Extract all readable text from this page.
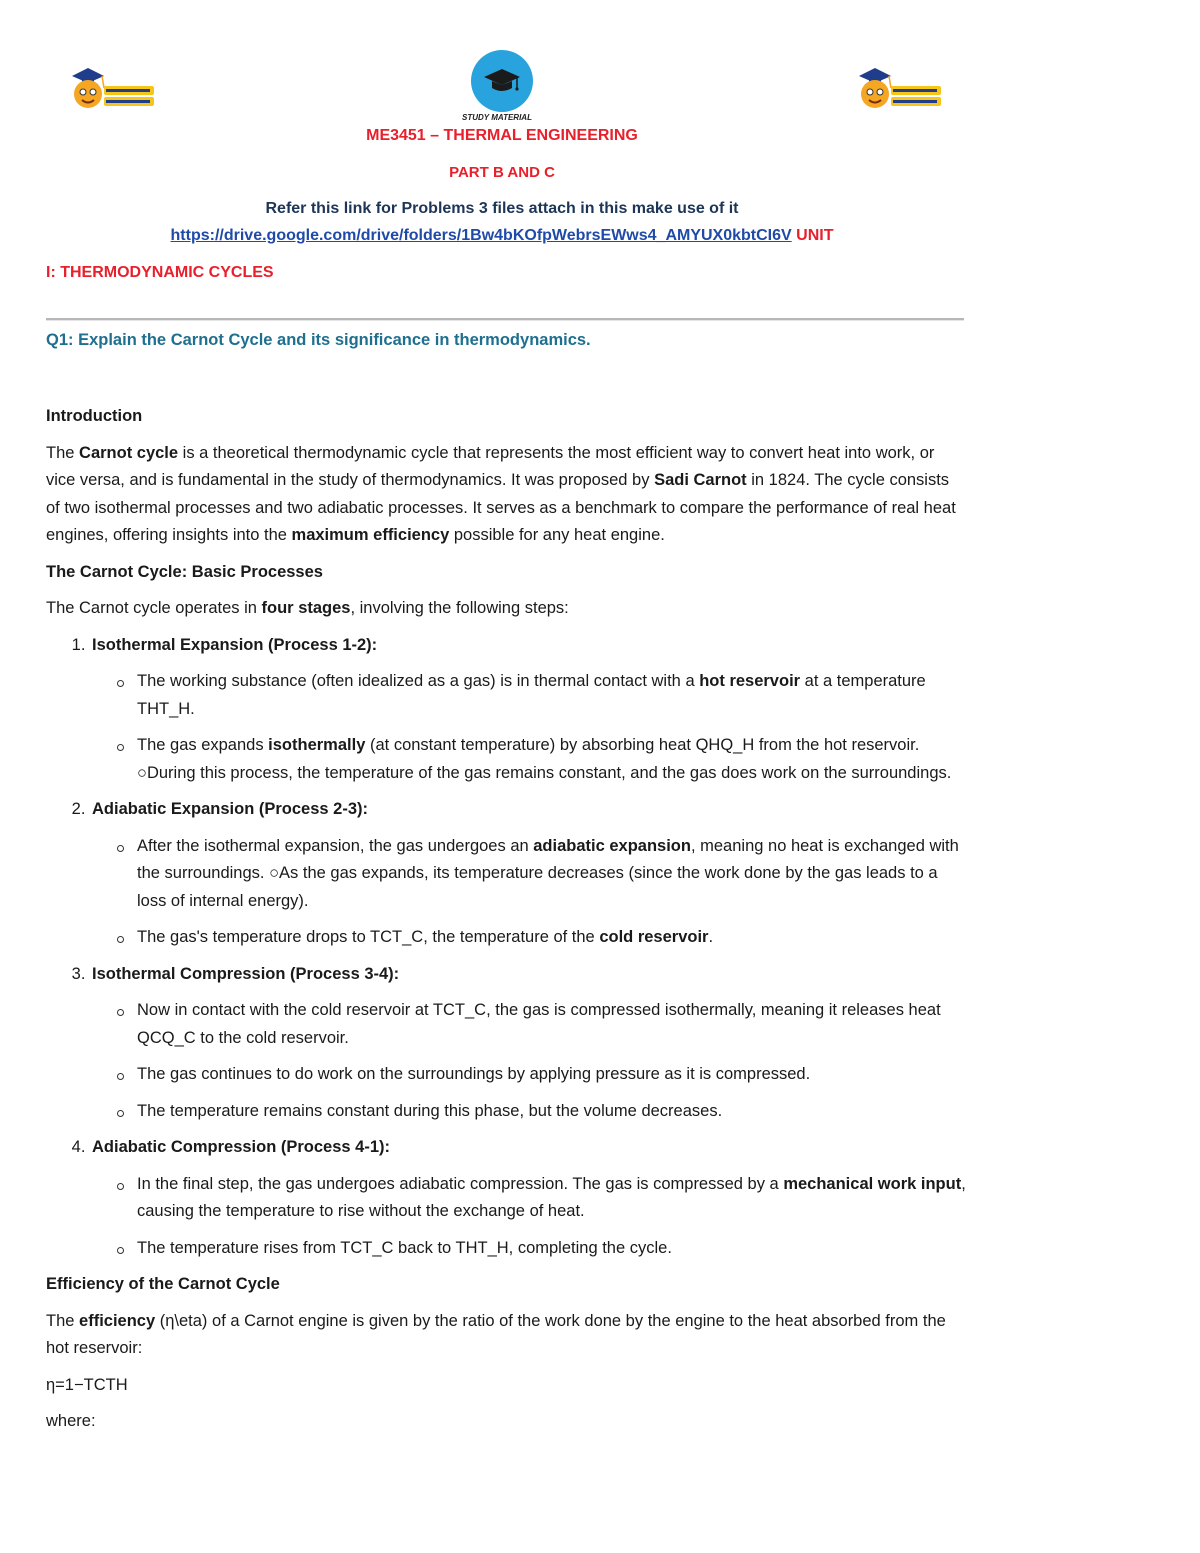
STUDY MATERIAL
ME3451 – THERMAL ENGINEERING
PART B AND C
Refer this link for Problems 3 files attach in this make use of it
https://drive.google.com/drive/folders/1Bw4bKOfpWebrsEWws4_AMYUX0kbtCI6V UNIT
I: THERMODYNAMIC CYCLES
Q1: Explain the Carnot Cycle and its significance in thermodynamics.

Introduction

The Carnot cycle is a theoretical thermodynamic cycle that represents the most efficient way to convert heat into work, or vice versa, and is fundamental in the study of thermodynamics. It was proposed by Sadi Carnot in 1824. The cycle consists of two isothermal processes and two adiabatic processes. It serves as a benchmark to compare the performance of real heat engines, offering insights into the maximum efficiency possible for any heat engine.

The Carnot Cycle: Basic Processes

The Carnot cycle operates in four stages, involving the following steps:

1. Isothermal Expansion (Process 1-2):
The working substance (often idealized as a gas) is in thermal contact with a hot reservoir at a temperature THT_H.
The gas expands isothermally (at constant temperature) by absorbing heat QHQ_H from the hot reservoir. ○During this process, the temperature of the gas remains constant, and the gas does work on the surroundings.
2. Adiabatic Expansion (Process 2-3):
After the isothermal expansion, the gas undergoes an adiabatic expansion, meaning no heat is exchanged with the surroundings. ○As the gas expands, its temperature decreases (since the work done by the gas leads to a loss of internal energy).
The gas's temperature drops to TCT_C, the temperature of the cold reservoir.
3. Isothermal Compression (Process 3-4):
Now in contact with the cold reservoir at TCT_C, the gas is compressed isothermally, meaning it releases heat QCQ_C to the cold reservoir.
The gas continues to do work on the surroundings by applying pressure as it is compressed.
The temperature remains constant during this phase, but the volume decreases.
4. Adiabatic Compression (Process 4-1):
In the final step, the gas undergoes adiabatic compression. The gas is compressed by a mechanical work input, causing the temperature to rise without the exchange of heat.
The temperature rises from TCT_C back to THT_H, completing the cycle.

Efficiency of the Carnot Cycle

The efficiency (η\eta) of a Carnot engine is given by the ratio of the work done by the engine to the heat absorbed from the hot reservoir:

η=1−TCTH

where:
